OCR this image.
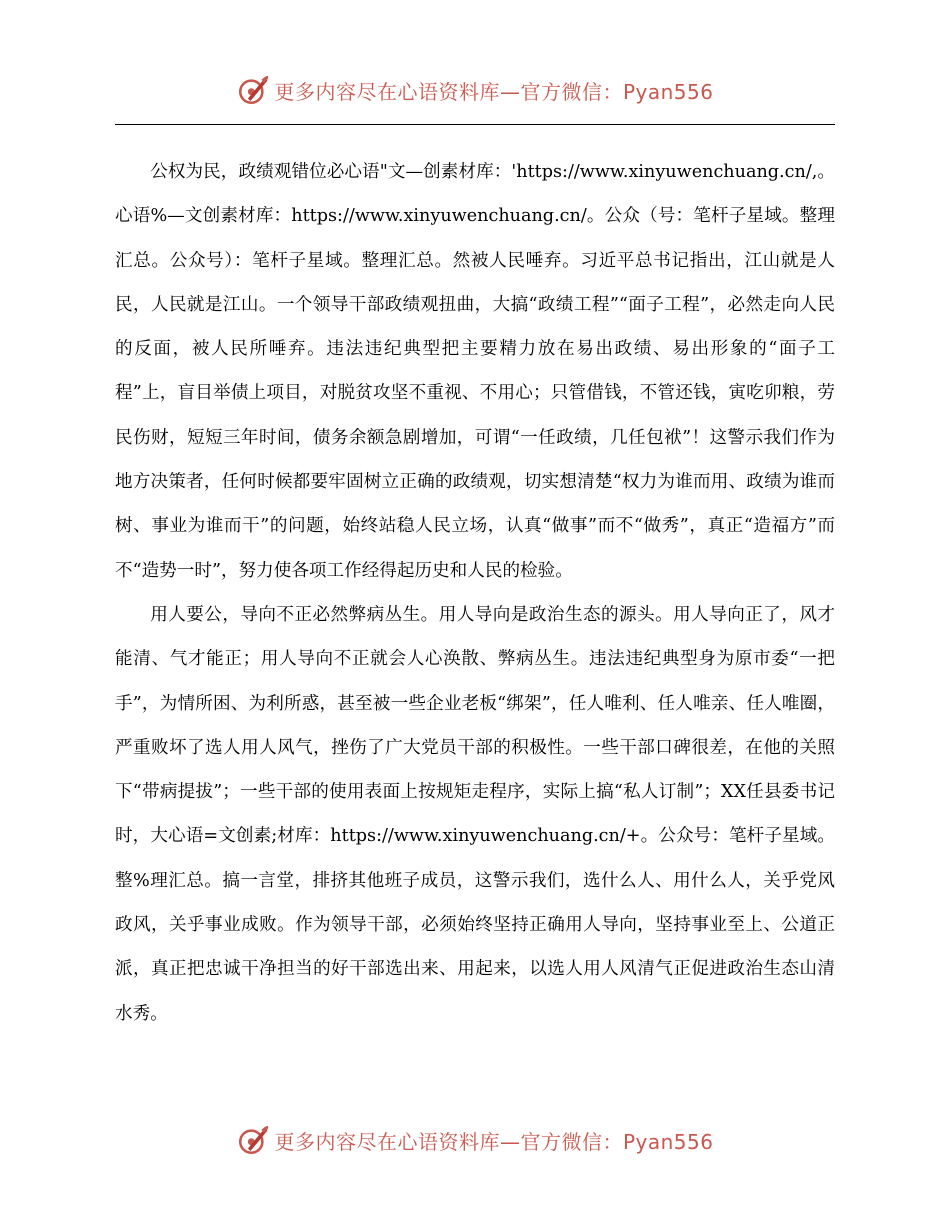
更多内容尽在心语资料库—官方微信：Pyan556

公权为民，政绩观错位必心语"文—创素材库：'https://www.xinyuwenchuang.cn/,。心语%—文创素材库：https://www.xinyuwenchuang.cn/。公众（号：笔杆子星域。整理汇总。公众号）：笔杆子星域。整理汇总。然被人民唾弃。习近平总书记指出，江山就是人民，人民就是江山。一个领导干部政绩观扭曲，大搞“政绩工程”“面子工程”，必然走向人民的反面，被人民所唾弃。违法违纪典型把主要精力放在易出政绩、易出形象的“面子工程”上，盲目举债上项目，对脱贫攻坚不重视、不用心；只管借钱，不管还钱，寅吃卯粮，劳民伤财，短短三年时间，债务余额急剧增加，可谓“一任政绩，几任包袱”！这警示我们作为地方决策者，任何时候都要牢固树立正确的政绩观，切实想清楚“权力为谁而用、政绩为谁而树、事业为谁而干”的问题，始终站稳人民立场，认真“做事”而不“做秀”，真正“造福方”而不“造势一时”，努力使各项工作经得起历史和人民的检验。

用人要公，导向不正必然弊病丛生。用人导向是政治生态的源头。用人导向正了，风才能清、气才能正；用人导向不正就会人心涣散、弊病丛生。违法违纪典型身为原市委“一把手”，为情所困、为利所惑，甚至被一些企业老板“绑架”，任人唯利、任人唯亲、任人唯圈，严重败坏了选人用人风气，挫伤了广大党员干部的积极性。一些干部口碑很差，在他的关照下“带病提拔”；一些干部的使用表面上按规矩走程序，实际上搞“私人订制”；XX任县委书记时，大心语=文创素;材库：https://www.xinyuwenchuang.cn/+。公众号：笔杆子星域。整%理汇总。搞一言堂，排挤其他班子成员，这警示我们，选什么人、用什么人，关乎党风政风，关乎事业成败。作为领导干部，必须始终坚持正确用人导向，坚持事业至上、公道正派，真正把忠诚干净担当的好干部选出来、用起来，以选人用人风清气正促进政治生态山清水秀。

更多内容尽在心语资料库—官方微信：Pyan556
